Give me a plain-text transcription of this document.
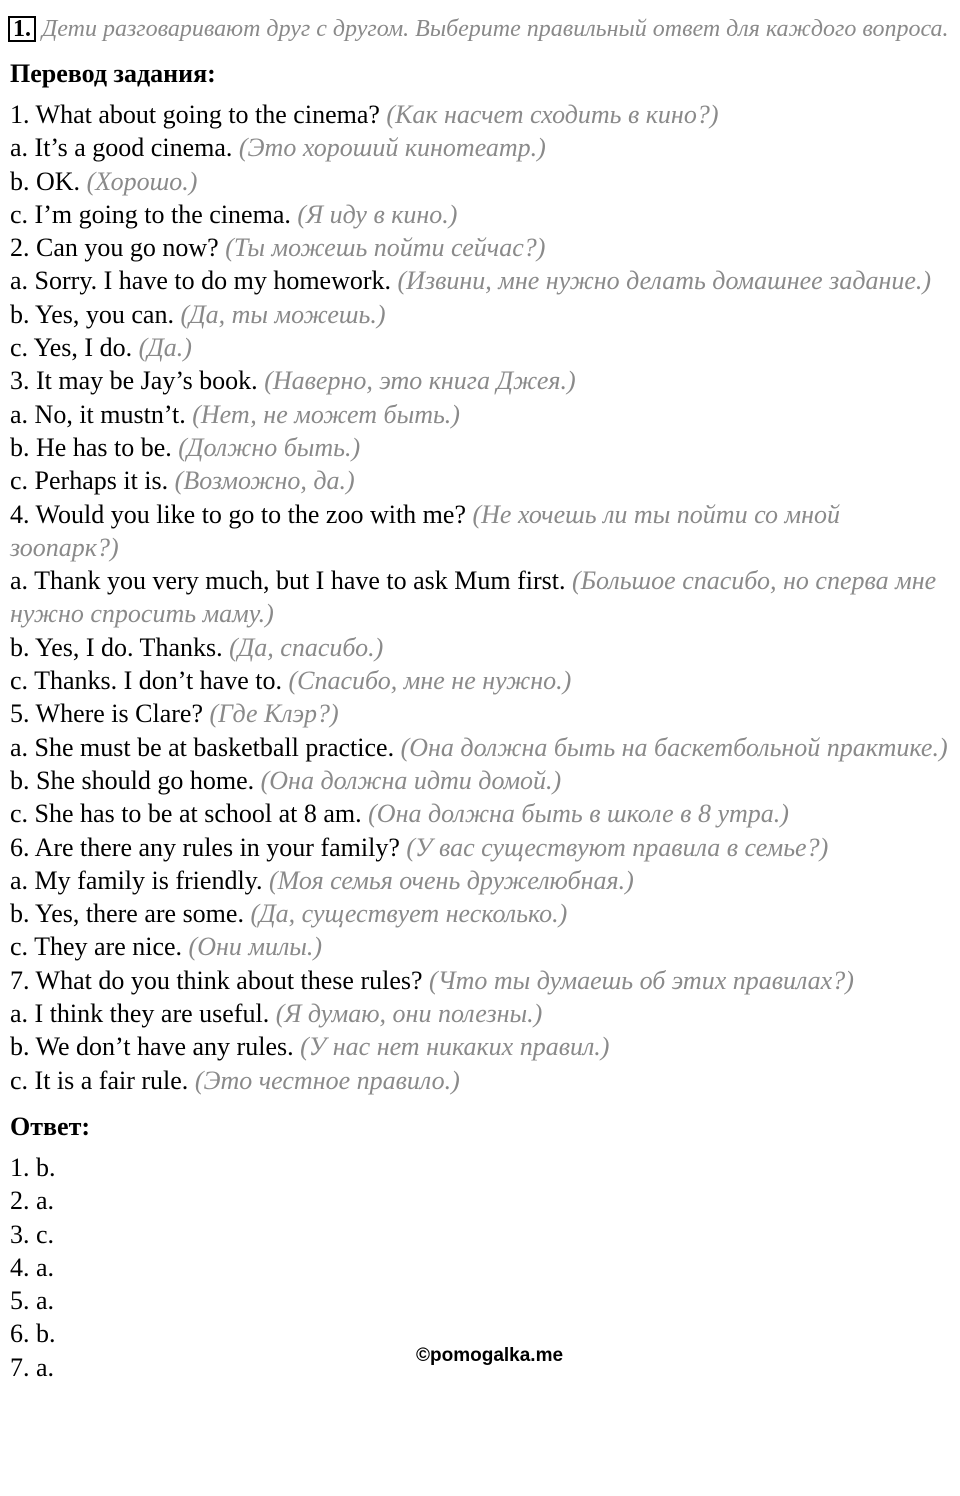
1. Дети разговаривают друг с другом. Выберите правильный ответ для каждого вопроса.

Перевод задания:
1. What about going to the cinema? (Как насчет сходить в кино?)
a. It’s a good cinema. (Это хороший кинотеатр.)
b. OK. (Хорошо.)
c. I’m going to the cinema. (Я иду в кино.)
2. Can you go now? (Ты можешь пойти сейчас?)
a. Sorry. I have to do my homework. (Извини, мне нужно делать домашнее задание.)
b. Yes, you can. (Да, ты можешь.)
c. Yes, I do. (Да.)
3. It may be Jay’s book. (Наверно, это книга Джея.)
a. No, it mustn’t. (Нет, не может быть.)
b. He has to be. (Должно быть.)
c. Perhaps it is. (Возможно, да.)
4. Would you like to go to the zoo with me? (Не хочешь ли ты пойти со мной зоопарк?)
a. Thank you very much, but I have to ask Mum first. (Большое спасибо, но сперва мне нужно спросить маму.)
b. Yes, I do. Thanks. (Да, спасибо.)
c. Thanks. I don’t have to. (Спасибо, мне не нужно.)
5. Where is Clare? (Где Клэр?)
a. She must be at basketball practice. (Она должна быть на баскетбольной практике.)
b. She should go home. (Она должна идти домой.)
c. She has to be at school at 8 am. (Она должна быть в школе в 8 утра.)
6. Are there any rules in your family? (У вас существуют правила в семье?)
a. My family is friendly. (Моя семья очень дружелюбная.)
b. Yes, there are some. (Да, существует несколько.)
c. They are nice. (Они милы.)
7. What do you think about these rules? (Что ты думаешь об этих правилах?)
a. I think they are useful. (Я думаю, они полезны.)
b. We don’t have any rules. (У нас нет никаких правил.)
c. It is a fair rule. (Это честное правило.)
Ответ:
1. b.
2. a.
3. c.
4. a.
5. a.
6. b.
7. a.	©pomogalka.me
